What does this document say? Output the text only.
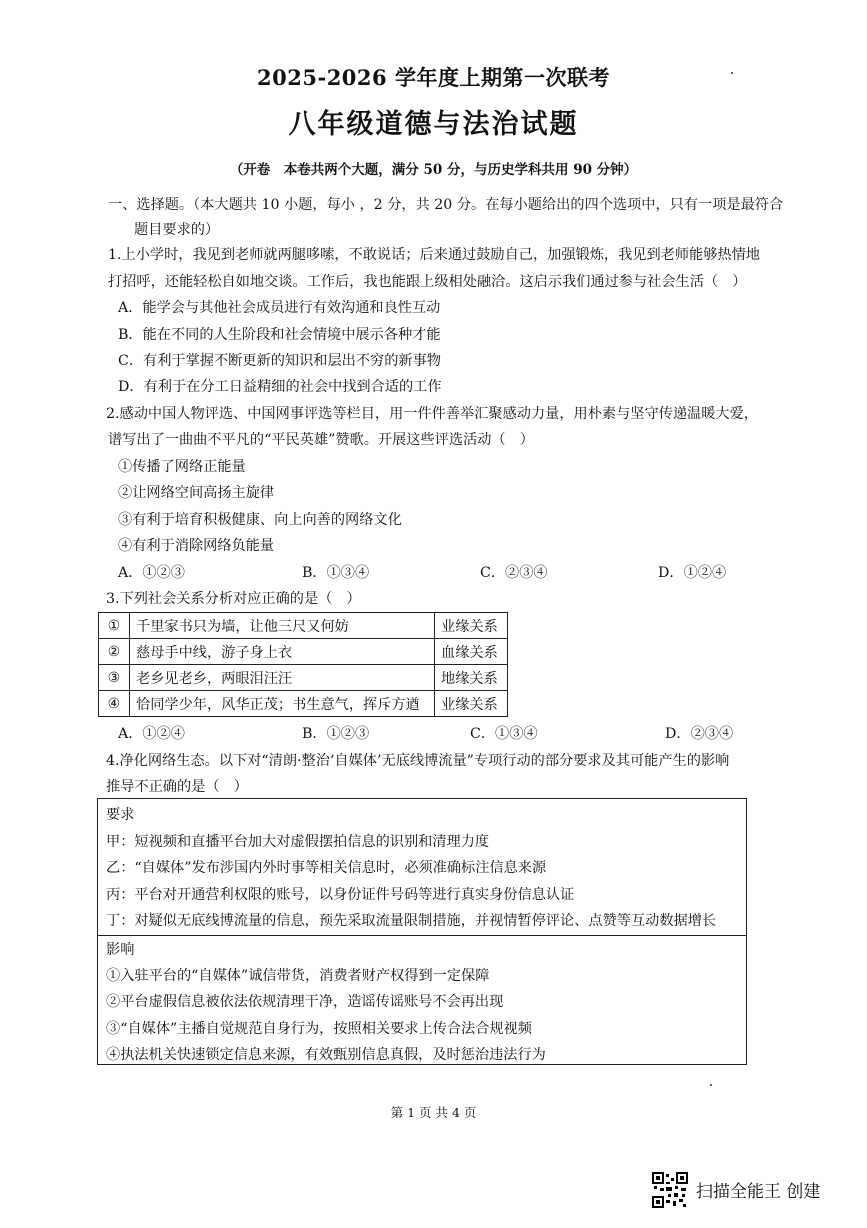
2025-2026 学年度上期第一次联考
八年级道德与法治试题
（开卷　本卷共两个大题，满分 50 分，与历史学科共用 90 分钟）
一、选择题。（本大题共 10 小题，每小 ，2 分，共 20 分。在每小题给出的四个选项中，只有一项是最符合
题目要求的）
1.上小学时，我见到老师就两腿哆嗦，不敢说话；后来通过鼓励自己，加强锻炼，我见到老师能够热情地
打招呼，还能轻松自如地交谈。工作后，我也能跟上级相处融洽。这启示我们通过参与社会生活（　）
A．能学会与其他社会成员进行有效沟通和良性互动
B．能在不同的人生阶段和社会情境中展示各种才能
C．有利于掌握不断更新的知识和层出不穷的新事物
D．有利于在分工日益精细的社会中找到合适的工作
2.感动中国人物评选、中国网事评选等栏目，用一件件善举汇聚感动力量，用朴素与坚守传递温暖大爱，
谱写出了一曲曲不平凡的“平民英雄”赞歌。开展这些评选活动（　）
①传播了网络正能量
②让网络空间高扬主旋律
③有利于培育积极健康、向上向善的网络文化
④有利于消除网络负能量
A．①②③	B．①③④	C．②③④	D．①②④
3.下列社会关系分析对应正确的是（　）
①	千里家书只为墙，让他三尺又何妨	业缘关系
②	慈母手中线，游子身上衣	血缘关系
③	老乡见老乡，两眼泪汪汪	地缘关系
④	恰同学少年，风华正茂；书生意气，挥斥方遒	业缘关系
A．①②④	B．①②③	C．①③④	D．②③④
4.净化网络生态。以下对“清朗·整治‘自媒体’无底线博流量”专项行动的部分要求及其可能产生的影响
推导不正确的是（　）
要求
甲：短视频和直播平台加大对虚假摆拍信息的识别和清理力度
乙：“自媒体”发布涉国内外时事等相关信息时，必须准确标注信息来源
丙：平台对开通营利权限的账号，以身份证件号码等进行真实身份信息认证
丁：对疑似无底线博流量的信息，预先采取流量限制措施，并视情暂停评论、点赞等互动数据增长
影响
①入驻平台的“自媒体”诚信带货，消费者财产权得到一定保障
②平台虚假信息被依法依规清理干净，造谣传谣账号不会再出现
③“自媒体”主播自觉规范自身行为，按照相关要求上传合法合规视频
④执法机关快速锁定信息来源，有效甄别信息真假，及时惩治违法行为
第 1 页 共 4 页
扫描全能王 创建
